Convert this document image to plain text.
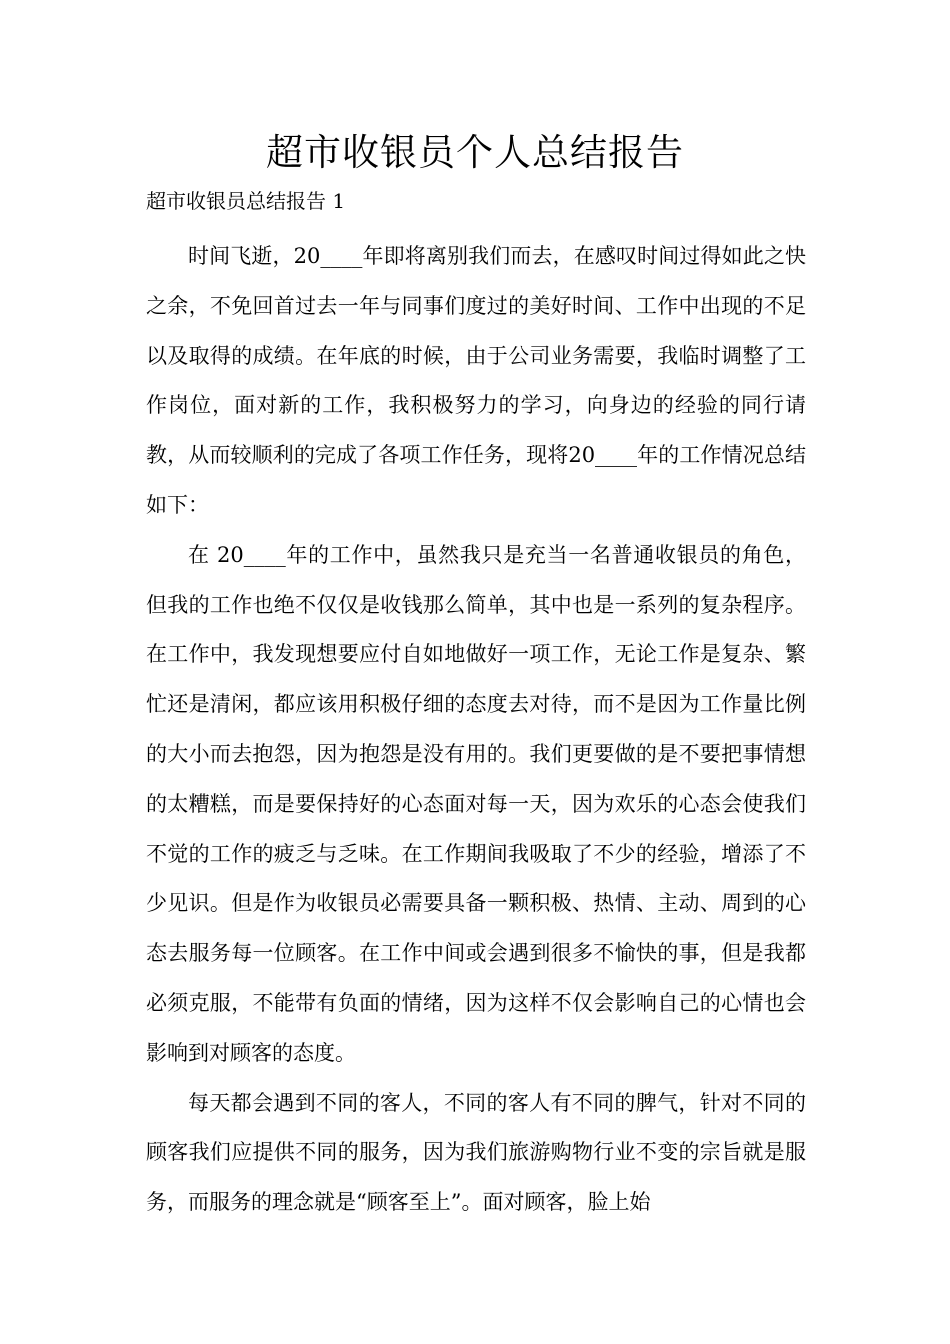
超市收银员个人总结报告

超市收银员总结报告 1

时间飞逝，20____年即将离别我们而去，在感叹时间过得如此之快之余，不免回首过去一年与同事们度过的美好时间、工作中出现的不足以及取得的成绩。在年底的时候，由于公司业务需要，我临时调整了工作岗位，面对新的工作，我积极努力的学习，向身边的经验的同行请教，从而较顺利的完成了各项工作任务，现将20____年的工作情况总结如下：

在 20____年的工作中，虽然我只是充当一名普通收银员的角色，但我的工作也绝不仅仅是收钱那么简单，其中也是一系列的复杂程序。在工作中，我发现想要应付自如地做好一项工作，无论工作是复杂、繁忙还是清闲，都应该用积极仔细的态度去对待，而不是因为工作量比例的大小而去抱怨，因为抱怨是没有用的。我们更要做的是不要把事情想的太糟糕，而是要保持好的心态面对每一天，因为欢乐的心态会使我们不觉的工作的疲乏与乏味。在工作期间我吸取了不少的经验，增添了不少见识。但是作为收银员必需要具备一颗积极、热情、主动、周到的心态去服务每一位顾客。在工作中间或会遇到很多不愉快的事，但是我都必须克服，不能带有负面的情绪，因为这样不仅会影响自己的心情也会影响到对顾客的态度。

每天都会遇到不同的客人，不同的客人有不同的脾气，针对不同的顾客我们应提供不同的服务，因为我们旅游购物行业不变的宗旨就是服务，而服务的理念就是“顾客至上”。面对顾客，脸上始
